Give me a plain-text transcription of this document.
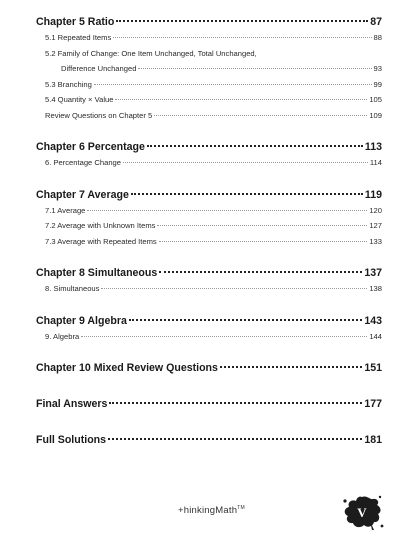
Chapter 5 Ratio	87
5.1 Repeated Items	88
5.2 Family of Change: One Item Unchanged, Total Unchanged,
Difference Unchanged	93
5.3 Branching	99
5.4 Quantity × Value	105
Review Questions on Chapter 5	109
Chapter 6 Percentage	113
6. Percentage Change	114
Chapter 7 Average	119
7.1 Average	120
7.2 Average with Unknown Items	127
7.3 Average with Repeated Items	133
Chapter 8 Simultaneous	137
8. Simultaneous	138
Chapter 9 Algebra	143
9. Algebra	144
Chapter 10 Mixed Review Questions	151
Final Answers	177
Full Solutions	181
+hinkingMath™	V
